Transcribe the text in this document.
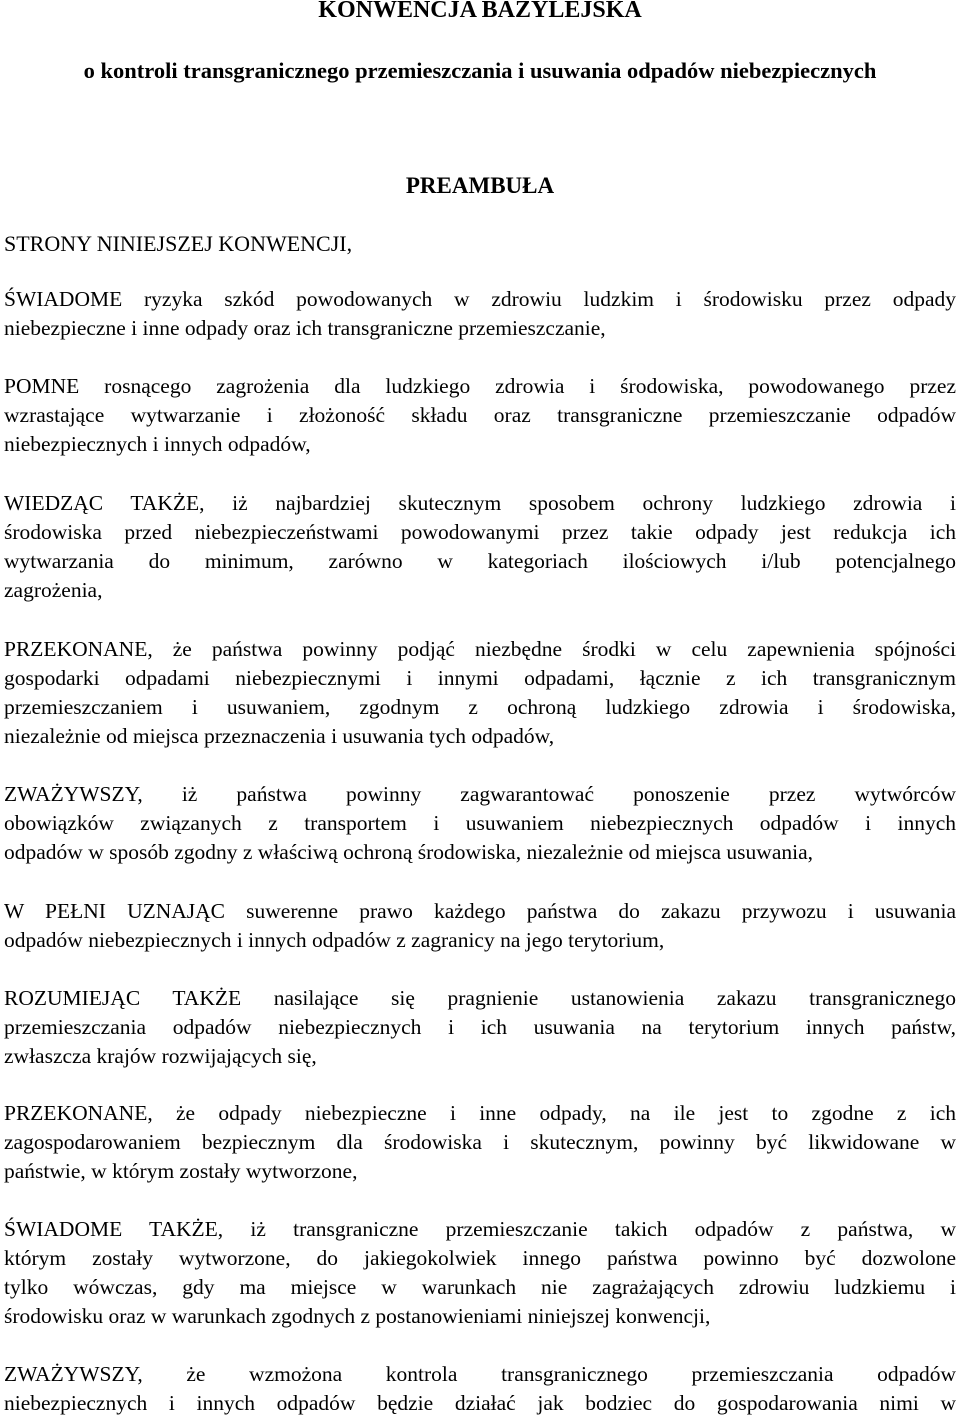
KONWENCJA BAZYLEJSKA
o kontroli transgranicznego przemieszczania i usuwania odpadów niebezpiecznych
PREAMBUŁA

STRONY NINIEJSZEJ KONWENCJI,

ŚWIADOME ryzyka szkód powodowanych w zdrowiu ludzkim i środowisku przez odpady
niebezpieczne i inne odpady oraz ich transgraniczne przemieszczanie,

POMNE rosnącego zagrożenia dla ludzkiego zdrowia i środowiska, powodowanego przez
wzrastające wytwarzanie i złożoność składu oraz transgraniczne przemieszczanie odpadów
niebezpiecznych i innych odpadów,

WIEDZĄC TAKŻE, iż najbardziej skutecznym sposobem ochrony ludzkiego zdrowia i
środowiska przed niebezpieczeństwami powodowanymi przez takie odpady jest redukcja ich
wytwarzania do minimum, zarówno w kategoriach ilościowych i/lub potencjalnego
zagrożenia,

PRZEKONANE, że państwa powinny podjąć niezbędne środki w celu zapewnienia spójności
gospodarki odpadami niebezpiecznymi i innymi odpadami, łącznie z ich transgranicznym
przemieszczaniem i usuwaniem, zgodnym z ochroną ludzkiego zdrowia i środowiska,
niezależnie od miejsca przeznaczenia i usuwania tych odpadów,

ZWAŻYWSZY, iż państwa powinny zagwarantować ponoszenie przez wytwórców
obowiązków związanych z transportem i usuwaniem niebezpiecznych odpadów i innych
odpadów w sposób zgodny z właściwą ochroną środowiska, niezależnie od miejsca usuwania,

W PEŁNI UZNAJĄC suwerenne prawo każdego państwa do zakazu przywozu i usuwania
odpadów niebezpiecznych i innych odpadów z zagranicy na jego terytorium,

ROZUMIEJĄC TAKŻE nasilające się pragnienie ustanowienia zakazu transgranicznego
przemieszczania odpadów niebezpiecznych i ich usuwania na terytorium innych państw,
zwłaszcza krajów rozwijających się,

PRZEKONANE, że odpady niebezpieczne i inne odpady, na ile jest to zgodne z ich
zagospodarowaniem bezpiecznym dla środowiska i skutecznym, powinny być likwidowane w
państwie, w którym zostały wytworzone,

ŚWIADOME TAKŻE, iż transgraniczne przemieszczanie takich odpadów z państwa, w
którym zostały wytworzone, do jakiegokolwiek innego państwa powinno być dozwolone
tylko wówczas, gdy ma miejsce w warunkach nie zagrażających zdrowiu ludzkiemu i
środowisku oraz w warunkach zgodnych z postanowieniami niniejszej konwencji,

ZWAŻYWSZY, że wzmożona kontrola transgranicznego przemieszczania odpadów
niebezpiecznych i innych odpadów będzie działać jak bodziec do gospodarowania nimi w
